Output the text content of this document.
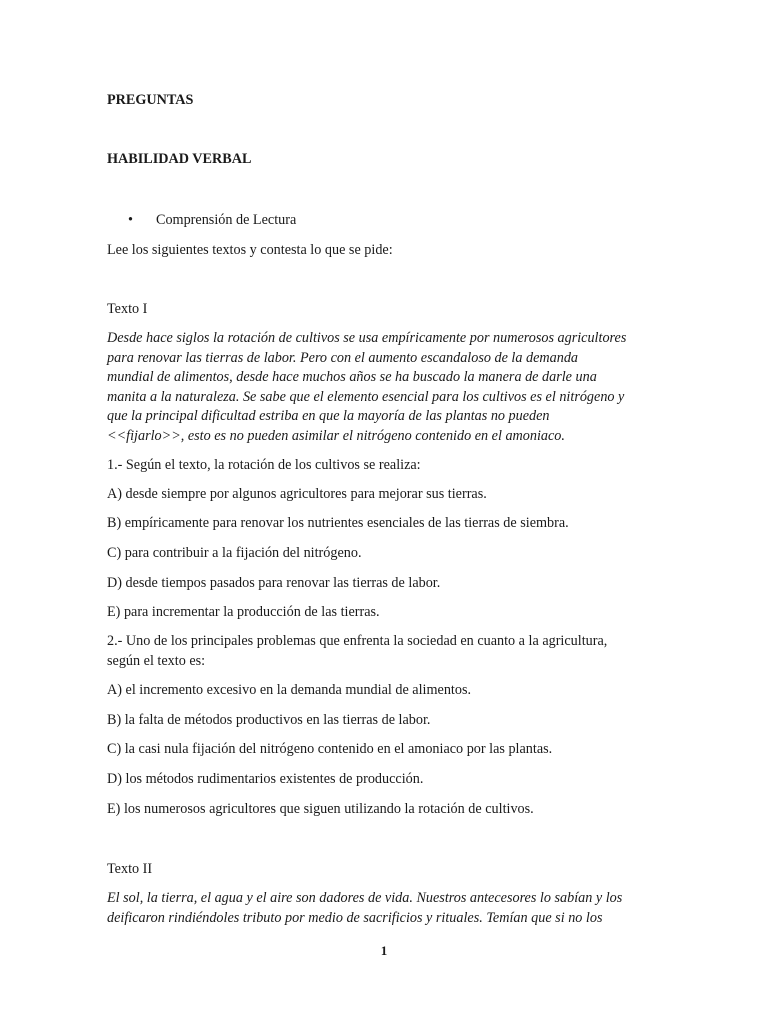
PREGUNTAS

HABILIDAD VERBAL

• Comprensión de Lectura

Lee los siguientes textos y contesta lo que se pide:

Texto I

Desde hace siglos la rotación de cultivos se usa empíricamente por numerosos agricultores
para renovar las tierras de labor. Pero con el aumento escandaloso de la demanda
mundial de alimentos, desde hace muchos años se ha buscado la manera de darle una
manita a la naturaleza. Se sabe que el elemento esencial para los cultivos es el nitrógeno y
que la principal dificultad estriba en que la mayoría de las plantas no pueden
<<fijarlo>>, esto es no pueden asimilar el nitrógeno contenido en el amoniaco.

1.- Según el texto, la rotación de los cultivos se realiza:

A) desde siempre por algunos agricultores para mejorar sus tierras.

B) empíricamente para renovar los nutrientes esenciales de las tierras de siembra.

C) para contribuir a la fijación del nitrógeno.

D) desde tiempos pasados para renovar las tierras de labor.

E) para incrementar la producción de las tierras.

2.- Uno de los principales problemas que enfrenta la sociedad en cuanto a la agricultura,
según el texto es:

A) el incremento excesivo en la demanda mundial de alimentos.

B) la falta de métodos productivos en las tierras de labor.

C) la casi nula fijación del nitrógeno contenido en el amoniaco por las plantas.

D) los métodos rudimentarios existentes de producción.

E) los numerosos agricultores que siguen utilizando la rotación de cultivos.

Texto II

El sol, la tierra, el agua y el aire son dadores de vida. Nuestros antecesores lo sabían y los
deificaron rindiéndoles tributo por medio de sacrificios y rituales. Temían que si no los

1
